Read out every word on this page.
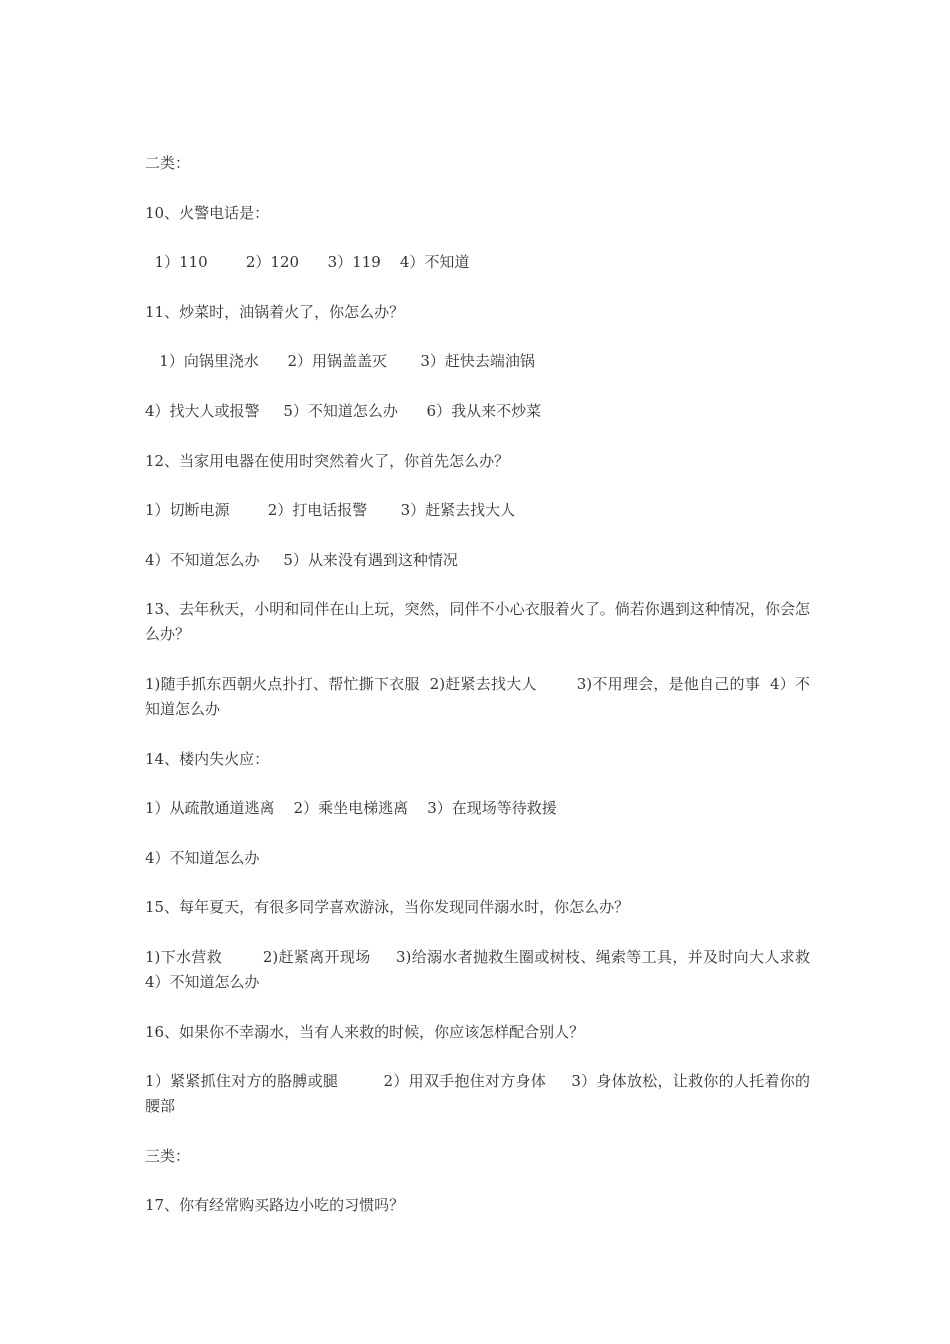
二类：

10、火警电话是：

1）110        2）120      3）119    4）不知道

11、炒菜时，油锅着火了，你怎么办？

1）向锅里浇水      2）用锅盖盖灭       3）赶快去端油锅

4）找大人或报警     5）不知道怎么办      6）我从来不炒菜

12、当家用电器在使用时突然着火了，你首先怎么办？

1）切断电源        2）打电话报警       3）赶紧去找大人

4）不知道怎么办     5）从来没有遇到这种情况

13、去年秋天，小明和同伴在山上玩，突然，同伴不小心衣服着火了。倘若你遇到这种情况，你会怎么办？

1)随手抓东西朝火点扑打、帮忙撕下衣服  2)赶紧去找大人        3)不用理会，是他自己的事  4）不知道怎么办

14、楼内失火应：

1）从疏散通道逃离    2）乘坐电梯逃离    3）在现场等待救援

4）不知道怎么办

15、每年夏天，有很多同学喜欢游泳，当你发现同伴溺水时，你怎么办？

1)下水营救        2)赶紧离开现场     3)给溺水者抛救生圈或树枝、绳索等工具，并及时向大人求救    4）不知道怎么办

16、如果你不幸溺水，当有人来救的时候，你应该怎样配合别人？

1）紧紧抓住对方的胳膊或腿         2）用双手抱住对方身体     3）身体放松，让救你的人托着你的腰部

三类：

17、你有经常购买路边小吃的习惯吗？
